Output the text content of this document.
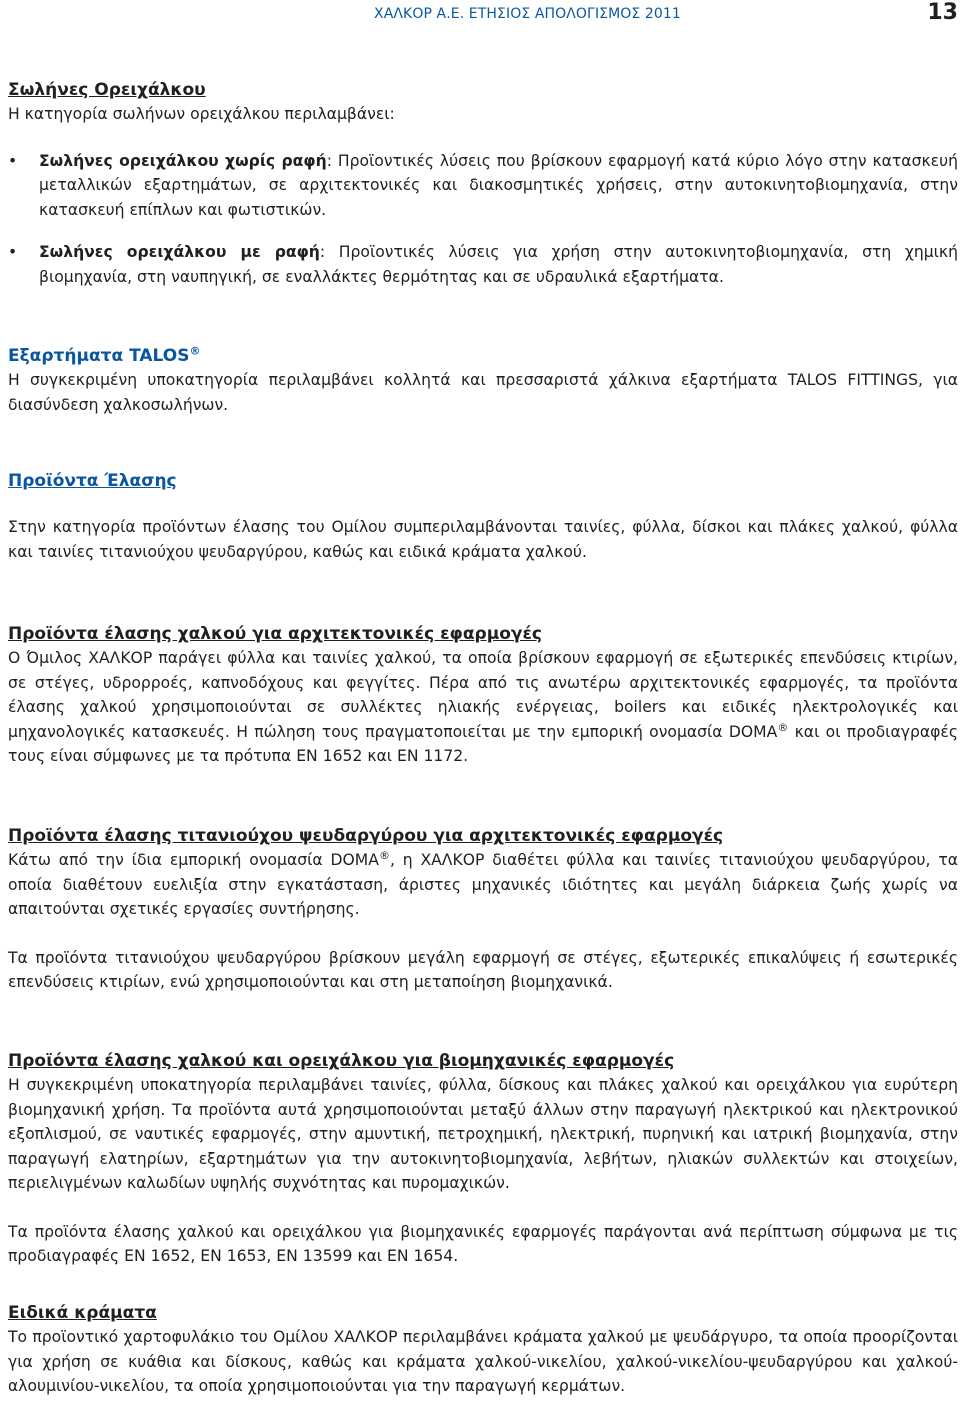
ΧΑΛΚΟΡ Α.Ε. ΕΤΗΣΙΟΣ ΑΠΟΛΟΓΙΣΜΟΣ 2011	13
Σωλήνες Ορειχάλκου

Η κατηγορία σωλήνων ορειχάλκου περιλαμβάνει:

• Σωλήνες ορειχάλκου χωρίς ραφή: Προϊοντικές λύσεις που βρίσκουν εφαρμογή κατά κύριο λόγο στην κατασκευή μεταλλικών εξαρτημάτων, σε αρχιτεκτονικές και διακοσμητικές χρήσεις, στην αυτοκινητοβιομηχανία, στην κατασκευή επίπλων και φωτιστικών.
• Σωλήνες ορειχάλκου με ραφή: Προϊοντικές λύσεις για χρήση στην αυτοκινητοβιομηχανία, στη χημική βιομηχανία, στη ναυπηγική, σε εναλλάκτες θερμότητας και σε υδραυλικά εξαρτήματα.
Εξαρτήματα TALOS®

Η συγκεκριμένη υποκατηγορία περιλαμβάνει κολλητά και πρεσσαριστά χάλκινα εξαρτήματα TALOS FITTINGS, για διασύνδεση χαλκοσωλήνων.

Προϊόντα Έλασης

Στην κατηγορία προϊόντων έλασης του Ομίλου συμπεριλαμβάνονται ταινίες, φύλλα, δίσκοι και πλάκες χαλκού, φύλλα και ταινίες τιτανιούχου ψευδαργύρου, καθώς και ειδικά κράματα χαλκού.

Προϊόντα έλασης χαλκού για αρχιτεκτονικές εφαρμογές

Ο Όμιλος ΧΑΛΚΟΡ παράγει φύλλα και ταινίες χαλκού, τα οποία βρίσκουν εφαρμογή σε εξωτερικές επενδύσεις κτιρίων, σε στέγες, υδρορροές, καπνοδόχους και φεγγίτες. Πέρα από τις ανωτέρω αρχιτεκτονικές εφαρμογές, τα προϊόντα έλασης χαλκού χρησιμοποιούνται σε συλλέκτες ηλιακής ενέργειας, boilers και ειδικές ηλεκτρολογικές και μηχανολογικές κατασκευές. Η πώληση τους πραγματοποιείται με την εμπορική ονομασία DOMA® και οι προδιαγραφές τους είναι σύμφωνες με τα πρότυπα EN 1652 και EN 1172.

Προϊόντα έλασης τιτανιούχου ψευδαργύρου για αρχιτεκτονικές εφαρμογές

Κάτω από την ίδια εμπορική ονομασία DOMA®, η ΧΑΛΚΟΡ διαθέτει φύλλα και ταινίες τιτανιούχου ψευδαργύρου, τα οποία διαθέτουν ευελιξία στην εγκατάσταση, άριστες μηχανικές ιδιότητες και μεγάλη διάρκεια ζωής χωρίς να απαιτούνται σχετικές εργασίες συντήρησης.

Τα προϊόντα τιτανιούχου ψευδαργύρου βρίσκουν μεγάλη εφαρμογή σε στέγες, εξωτερικές επικαλύψεις ή εσωτερικές επενδύσεις κτιρίων, ενώ χρησιμοποιούνται και στη μεταποίηση βιομηχανικά.

Προϊόντα έλασης χαλκού και ορειχάλκου για βιομηχανικές εφαρμογές

Η συγκεκριμένη υποκατηγορία περιλαμβάνει ταινίες, φύλλα, δίσκους και πλάκες χαλκού και ορειχάλκου για ευρύτερη βιομηχανική χρήση. Τα προϊόντα αυτά χρησιμοποιούνται μεταξύ άλλων στην παραγωγή ηλεκτρικού και ηλεκτρονικού εξοπλισμού, σε ναυτικές εφαρμογές, στην αμυντική, πετροχημική, ηλεκτρική, πυρηνική και ιατρική βιομηχανία, στην παραγωγή ελατηρίων, εξαρτημάτων για την αυτοκινητοβιομηχανία, λεβήτων, ηλιακών συλλεκτών και στοιχείων, περιελιγμένων καλωδίων υψηλής συχνότητας και πυρομαχικών.

Τα προϊόντα έλασης χαλκού και ορειχάλκου για βιομηχανικές εφαρμογές παράγονται ανά περίπτωση σύμφωνα με τις προδιαγραφές EN 1652, EN 1653, EN 13599 και EN 1654.

Ειδικά κράματα

Το προϊοντικό χαρτοφυλάκιο του Ομίλου ΧΑΛΚΟΡ περιλαμβάνει κράματα χαλκού με ψευδάργυρο, τα οποία προορίζονται για χρήση σε κυάθια και δίσκους, καθώς και κράματα χαλκού-νικελίου, χαλκού-νικελίου-ψευδαργύρου και χαλκού-αλουμινίου-νικελίου, τα οποία χρησιμοποιούνται για την παραγωγή κερμάτων.
